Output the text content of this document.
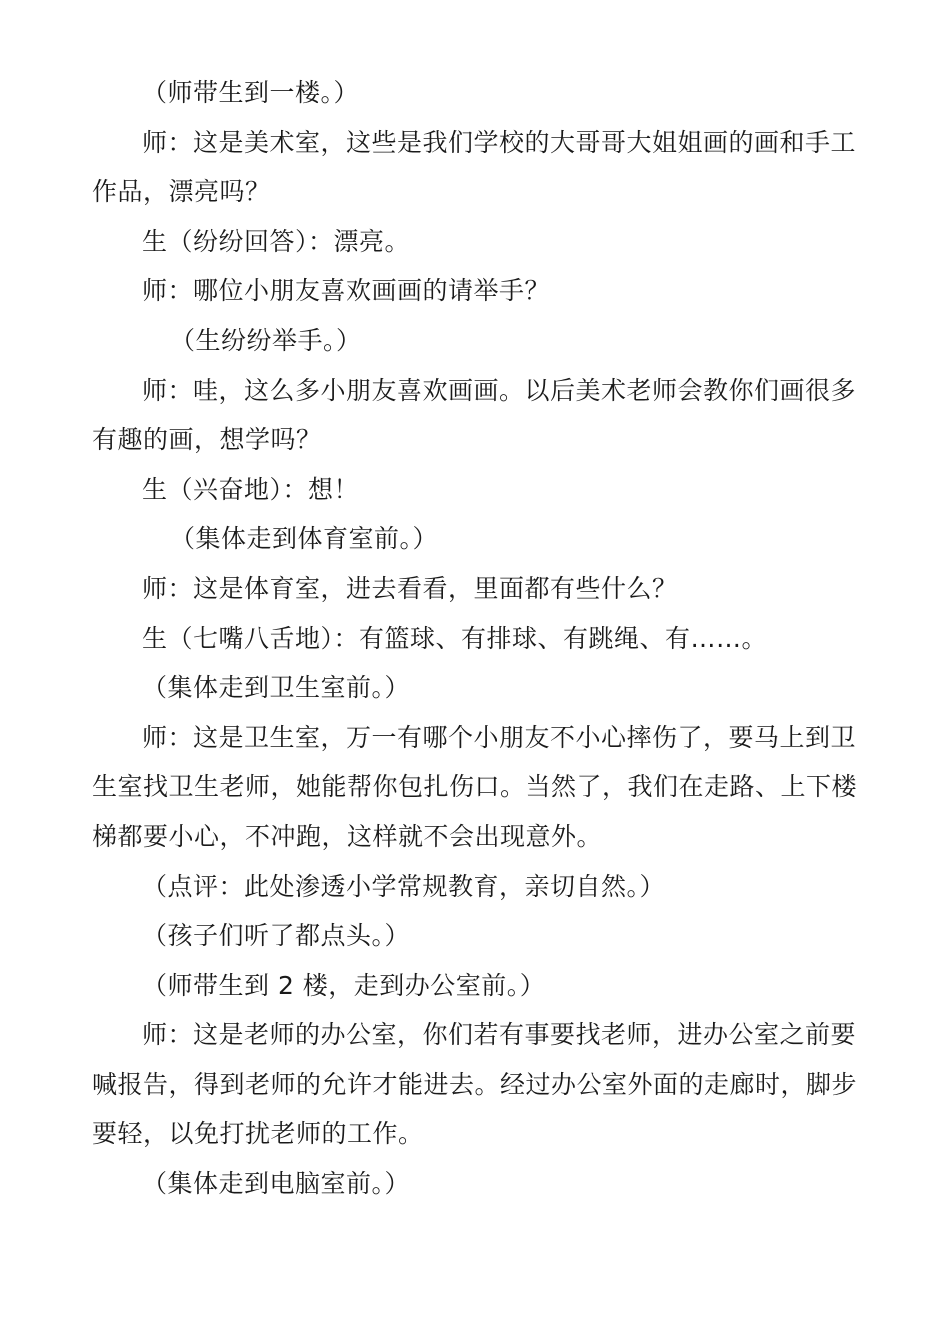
（师带生到一楼。）

师：这是美术室，这些是我们学校的大哥哥大姐姐画的画和手工作品，漂亮吗？

生（纷纷回答）：漂亮。

师：哪位小朋友喜欢画画的请举手？

（生纷纷举手。）

师：哇，这么多小朋友喜欢画画。以后美术老师会教你们画很多有趣的画，想学吗？

生（兴奋地）：想！

（集体走到体育室前。）

师：这是体育室，进去看看，里面都有些什么？

生（七嘴八舌地）：有篮球、有排球、有跳绳、有……。

（集体走到卫生室前。）

师：这是卫生室，万一有哪个小朋友不小心摔伤了，要马上到卫生室找卫生老师，她能帮你包扎伤口。当然了，我们在走路、上下楼梯都要小心，不冲跑，这样就不会出现意外。

（点评：此处渗透小学常规教育，亲切自然。）

（孩子们听了都点头。）

（师带生到 2 楼，走到办公室前。）

师：这是老师的办公室，你们若有事要找老师，进办公室之前要喊报告，得到老师的允许才能进去。经过办公室外面的走廊时，脚步要轻，以免打扰老师的工作。

（集体走到电脑室前。）
